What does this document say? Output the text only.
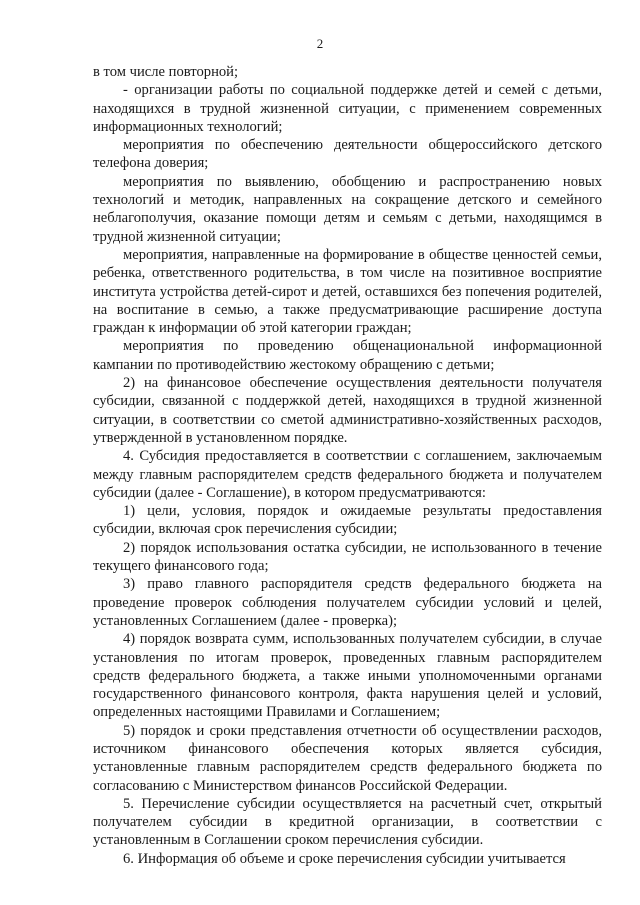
2

в том числе повторной;

- организации работы по социальной поддержке детей и семей с детьми, находящихся в трудной жизненной ситуации, с применением современных информационных технологий;

мероприятия по обеспечению деятельности общероссийского детского телефона доверия;

мероприятия по выявлению, обобщению и распространению новых технологий и методик, направленных на сокращение детского и семейного неблагополучия, оказание помощи детям и семьям с детьми, находящимся в трудной жизненной ситуации;

мероприятия, направленные на формирование в обществе ценностей семьи, ребенка, ответственного родительства, в том числе на позитивное восприятие института устройства детей-сирот и детей, оставшихся без попечения родителей, на воспитание в семью, а также предусматривающие расширение доступа граждан к информации об этой категории граждан;

мероприятия по проведению общенациональной информационной кампании по противодействию жестокому обращению с детьми;

2) на финансовое обеспечение осуществления деятельности получателя субсидии, связанной с поддержкой детей, находящихся в трудной жизненной ситуации, в соответствии со сметой административно-хозяйственных расходов, утвержденной в установленном порядке.

4. Субсидия предоставляется в соответствии с соглашением, заключаемым между главным распорядителем средств федерального бюджета и получателем субсидии (далее - Соглашение), в котором предусматриваются:

1) цели, условия, порядок и ожидаемые результаты предоставления субсидии, включая срок перечисления субсидии;

2) порядок использования остатка субсидии, не использованного в течение текущего финансового года;

3) право главного распорядителя средств федерального бюджета на проведение проверок соблюдения получателем субсидии условий и целей, установленных Соглашением (далее - проверка);

4) порядок возврата сумм, использованных получателем субсидии, в случае установления по итогам проверок, проведенных главным распорядителем средств федерального бюджета, а также иными уполномоченными органами государственного финансового контроля, факта нарушения целей и условий, определенных настоящими Правилами и Соглашением;

5) порядок и сроки представления отчетности об осуществлении расходов, источником финансового обеспечения которых является субсидия, установленные главным распорядителем средств федерального бюджета по согласованию с Министерством финансов Российской Федерации.

5. Перечисление субсидии осуществляется на расчетный счет, открытый получателем субсидии в кредитной организации, в соответствии с установленным в Соглашении сроком перечисления субсидии.

6. Информация об объеме и сроке перечисления субсидии учитывается
